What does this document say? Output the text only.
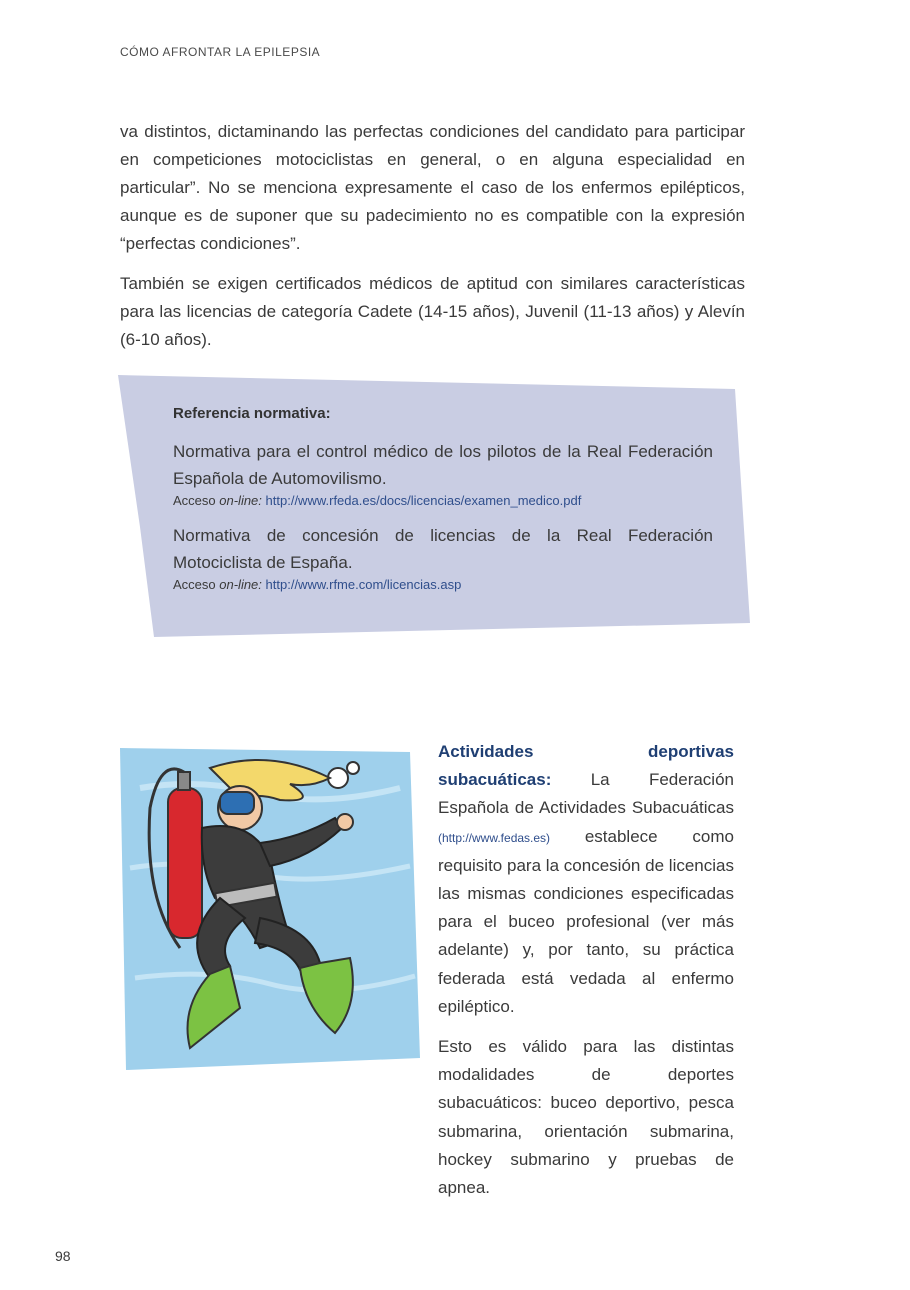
CÓMO AFRONTAR LA EPILEPSIA

va distintos, dictaminando las perfectas condiciones del candidato para participar en competiciones motociclistas en general, o en alguna especialidad en particular”. No se menciona expresamente el caso de los enfermos epilépticos, aunque es de suponer que su padecimiento no es compatible con la expresión “perfectas condiciones”.

También se exigen certificados médicos de aptitud con similares características para las licencias de categoría Cadete (14-15 años), Juvenil (11-13 años) y Alevín (6-10 años).

Referencia normativa:
Normativa para el control médico de los pilotos de la Real Federación Española de Automovilismo.
Acceso on-line: http://www.rfeda.es/docs/licencias/examen_medico.pdf
Normativa de concesión de licencias de la Real Federación Motociclista de España.
Acceso on-line: http://www.rfme.com/licencias.asp

Actividades deportivas subacuáticas: La Federación Española de Actividades Subacuáticas (http://www.fedas.es) establece como requisito para la concesión de licencias las mismas condiciones especificadas para el buceo profesional (ver más adelante) y, por tanto, su práctica federada está vedada al enfermo epiléptico.

Esto es válido para las distintas modalidades de deportes subacuáticos: buceo deportivo, pesca submarina, orientación submarina, hockey submarino y pruebas de apnea.

98
